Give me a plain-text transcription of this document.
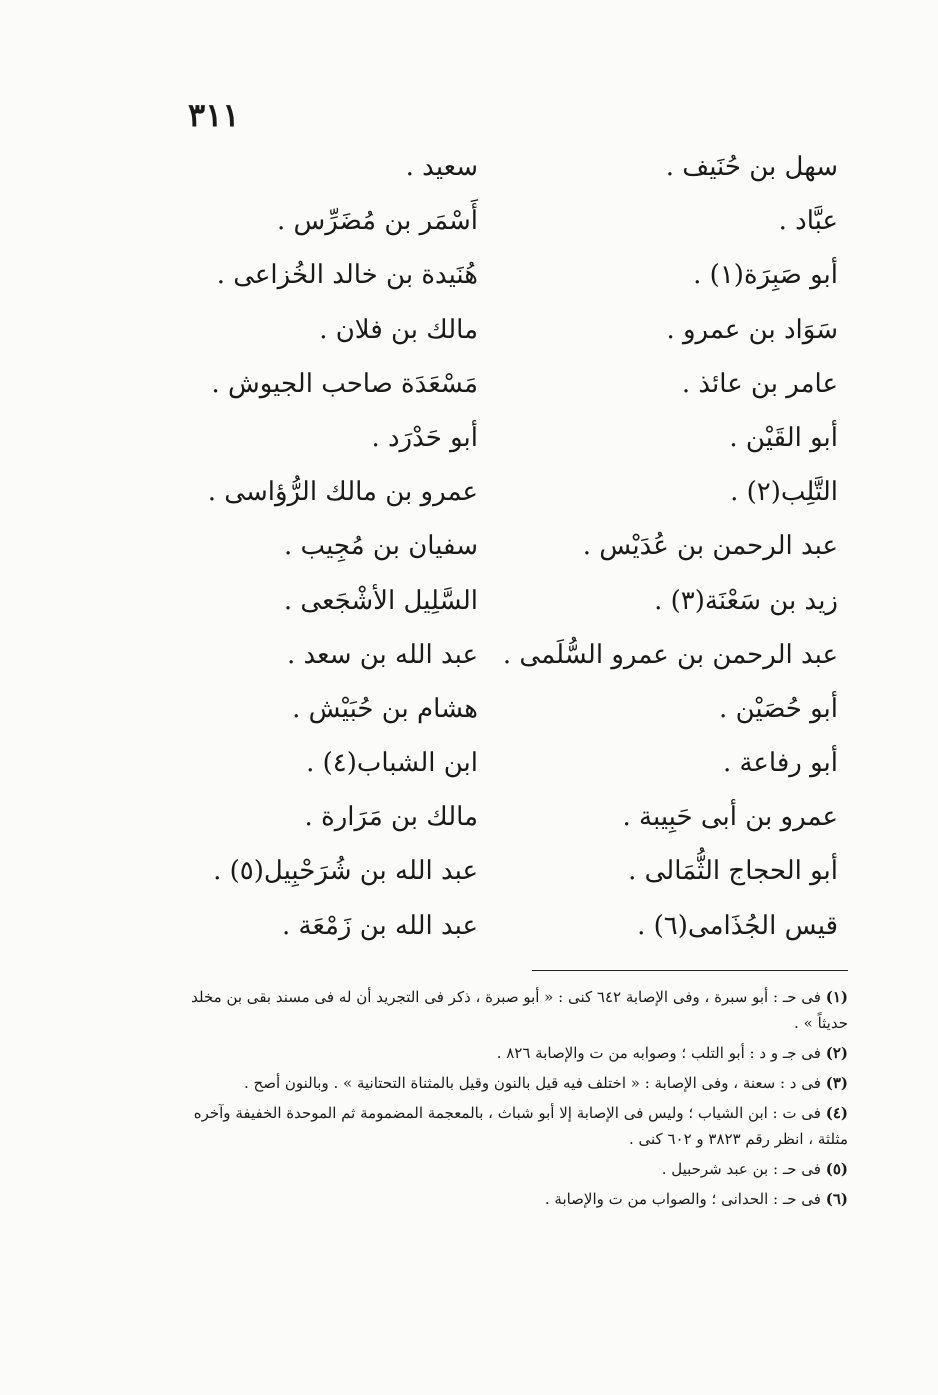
٣١١
سهل بن حُنَيف .
سعيد .
عبَّاد .
أَسْمَر بن مُضَرِّس .
أبو صَبِرَة(١) .
هُنَيدة بن خالد الخُزاعى .
سَوَاد بن عمرو .
مالك بن فلان .
عامر بن عائذ .
مَسْعَدَة صاحب الجيوش .
أبو القَيْن .
أبو حَدْرَد .
التَّلِب(٢) .
عمرو بن مالك الرُّؤاسى .
عبد الرحمن بن عُدَيْس .
سفيان بن مُجِيب .
زيد بن سَعْنَة(٣) .
السَّلِيل الأشْجَعى .
عبد الرحمن بن عمرو السُّلَمى .
عبد الله بن سعد .
أبو حُصَيْن .
هشام بن حُبَيْش .
أبو رفاعة .
ابن الشباب(٤) .
عمرو بن أبى حَبِيبة .
مالك بن مَرَارة .
أبو الحجاج الثُّمَالى .
عبد الله بن شُرَحْبِيل(٥) .
قيس الجُذَامى(٦) .
عبد الله بن زَمْعَة .

(١) فى حـ : أبو سبرة ، وفى الإصابة ٦٤٢ كنى : « أبو صبرة ، ذكر فى التجريد أن له فى مسند بقى بن مخلد حديثاً » .

(٢) فى جـ و د : أبو التلب ؛ وصوابه من ت والإصابة ٨٢٦ .

(٣) فى د : سعنة ، وفى الإصابة : « اختلف فيه قيل بالنون وقيل بالمثناة التحتانية » . وبالنون أصح .

(٤) فى ت : ابن الشياب ؛ وليس فى الإصابة إلا أبو شباث ، بالمعجمة المضمومة ثم الموحدة الخفيفة وآخره مثلثة ، انظر رقم ٣٨٢٣ و ٦٠٢ كنى .

(٥) فى حـ : بن عبد شرحبيل .

(٦) فى حـ : الحدانى ؛ والصواب من ت والإصابة .
